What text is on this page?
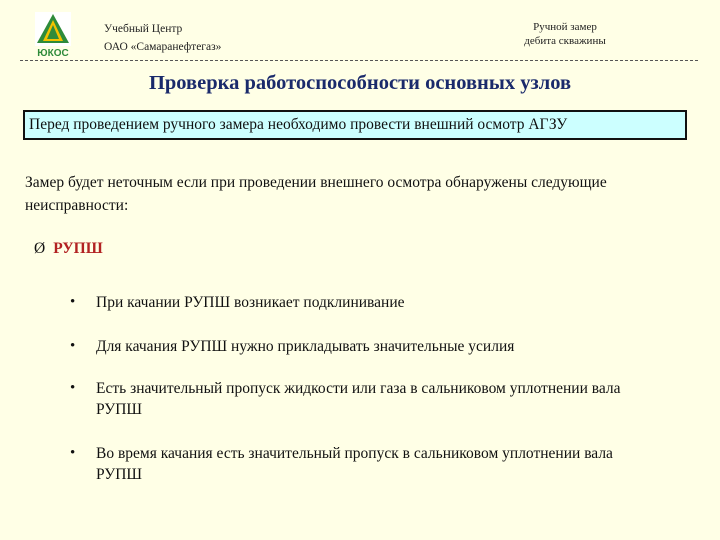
ЮКОС
Учебный Центр
ОАО «Самаранефтегаз»
Ручной замер
дебита скважины
Проверка работоспособности основных узлов
Перед проведением ручного замера необходимо провести внешний осмотр АГЗУ
Замер будет неточным если при проведении внешнего осмотра обнаружены следующие неисправности:
Ø РУПШ
• При качании РУПШ возникает подклинивание
• Для качания РУПШ нужно прикладывать значительные усилия
• Есть значительный пропуск жидкости или газа в сальниковом уплотнении вала РУПШ
• Во время качания есть значительный пропуск в сальниковом уплотнении вала РУПШ
